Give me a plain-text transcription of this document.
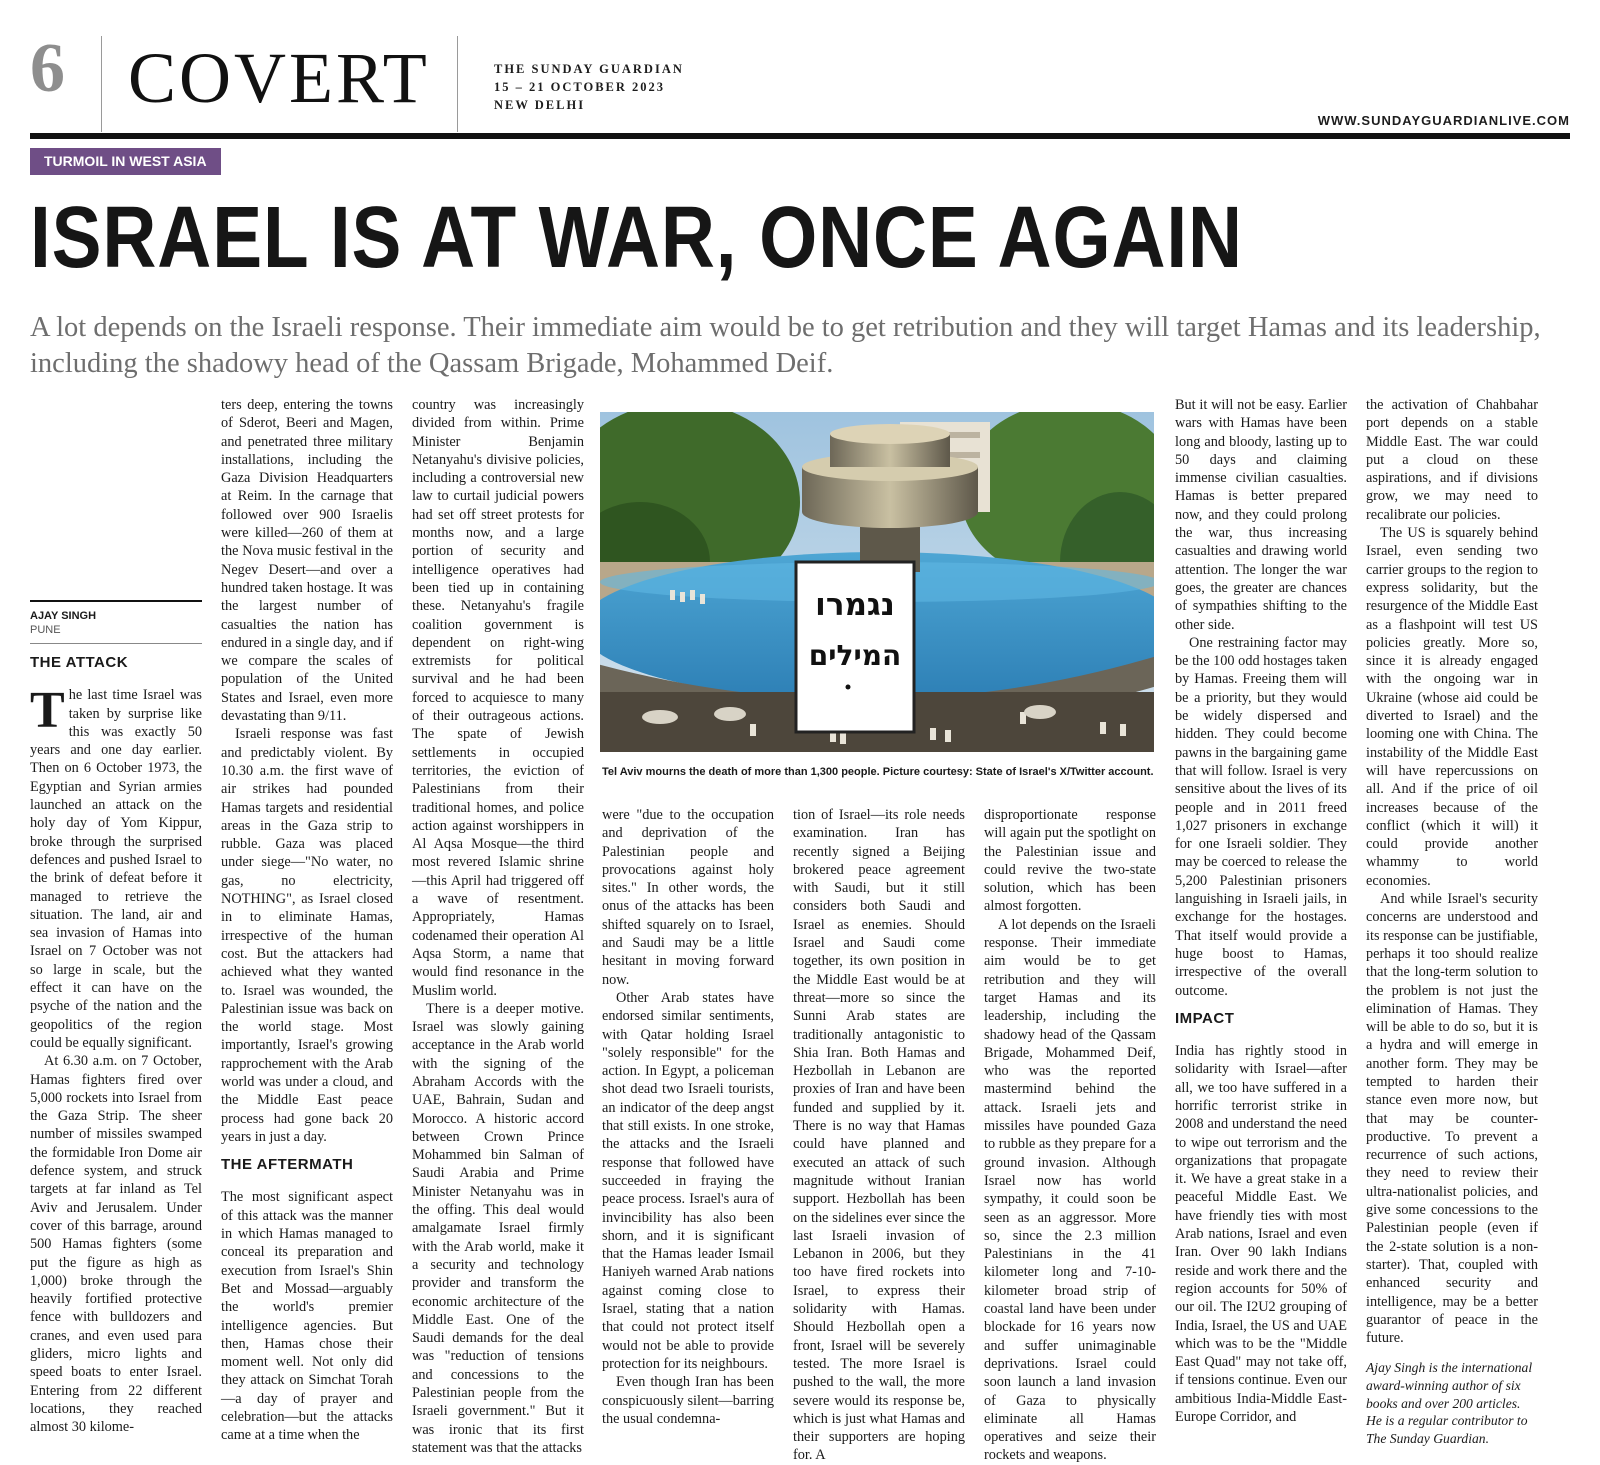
6 COVERT	THE SUNDAY GUARDIAN
15 – 21 OCTOBER 2023
NEW DELHI
WWW.SUNDAYGUARDIANLIVE.COM
TURMOIL IN WEST ASIA
ISRAEL IS AT WAR, ONCE AGAIN
A lot depends on the Israeli response. Their immediate aim would be to get retribution and they will target Hamas and its leadership, including the shadowy head of the Qassam Brigade, Mohammed Deif.
AJAY SINGH
PUNE
THE ATTACK

The last time Israel was taken by surprise like this was exactly 50 years and one day earlier. Then on 6 October 1973, the Egyptian and Syrian armies launched an attack on the holy day of Yom Kippur, broke through the surprised defences and pushed Israel to the brink of defeat before it managed to retrieve the situation. The land, air and sea invasion of Hamas into Israel on 7 October was not so large in scale, but the effect it can have on the psyche of the nation and the geopolitics of the region could be equally significant.

At 6.30 a.m. on 7 October, Hamas fighters fired over 5,000 rockets into Israel from the Gaza Strip. The sheer number of missiles swamped the formidable Iron Dome air defence system, and struck targets at far inland as Tel Aviv and Jerusalem. Under cover of this barrage, around 500 Hamas fighters (some put the figure as high as 1,000) broke through the heavily fortified protective fence with bulldozers and cranes, and even used para gliders, micro lights and speed boats to enter Israel. Entering from 22 different locations, they reached almost 30 kilome-

ters deep, entering the towns of Sderot, Beeri and Magen, and penetrated three military installations, including the Gaza Division Headquarters at Reim. In the carnage that followed over 900 Israelis were killed—260 of them at the Nova music festival in the Negev Desert—and over a hundred taken hostage. It was the largest number of casualties the nation has endured in a single day, and if we compare the scales of population of the United States and Israel, even more devastating than 9/11.

Israeli response was fast and predictably violent. By 10.30 a.m. the first wave of air strikes had pounded Hamas targets and residential areas in the Gaza strip to rubble. Gaza was placed under siege—"No water, no gas, no electricity, NOTHING", as Israel closed in to eliminate Hamas, irrespective of the human cost. But the attackers had achieved what they wanted to. Israel was wounded, the Palestinian issue was back on the world stage. Most importantly, Israel's growing rapprochement with the Arab world was under a cloud, and the Middle East peace process had gone back 20 years in just a day.

THE AFTERMATH

The most significant aspect of this attack was the manner in which Hamas managed to conceal its preparation and execution from Israel's Shin Bet and Mossad—arguably the world's premier intelligence agencies. But then, Hamas chose their moment well. Not only did they attack on Simchat Torah—a day of prayer and celebration—but the attacks came at a time when the

country was increasingly divided from within. Prime Minister Benjamin Netanyahu's divisive policies, including a controversial new law to curtail judicial powers had set off street protests for months now, and a large portion of security and intelligence operatives had been tied up in containing these. Netanyahu's fragile coalition government is dependent on right-wing extremists for political survival and he had been forced to acquiesce to many of their outrageous actions. The spate of Jewish settlements in occupied territories, the eviction of Palestinians from their traditional homes, and police action against worshippers in Al Aqsa Mosque—the third most revered Islamic shrine—this April had triggered off a wave of resentment. Appropriately, Hamas codenamed their operation Al Aqsa Storm, a name that would find resonance in the Muslim world.

There is a deeper motive. Israel was slowly gaining acceptance in the Arab world with the signing of the Abraham Accords with the UAE, Bahrain, Sudan and Morocco. A historic accord between Crown Prince Mohammed bin Salman of Saudi Arabia and Prime Minister Netanyahu was in the offing. This deal would amalgamate Israel firmly with the Arab world, make it a security and technology provider and transform the economic architecture of the Middle East. One of the Saudi demands for the deal was "reduction of tensions and concessions to the Palestinian people from the Israeli government." But it was ironic that its first statement was that the attacks

נגמרו
המילים
Tel Aviv mourns the death of more than 1,300 people. Picture courtesy: State of Israel's X/Twitter account.

were "due to the occupation and deprivation of the Palestinian people and provocations against holy sites." In other words, the onus of the attacks has been shifted squarely on to Israel, and Saudi may be a little hesitant in moving forward now.

Other Arab states have endorsed similar sentiments, with Qatar holding Israel "solely responsible" for the action. In Egypt, a policeman shot dead two Israeli tourists, an indicator of the deep angst that still exists. In one stroke, the attacks and the Israeli response that followed have succeeded in fraying the peace process. Israel's aura of invincibility has also been shorn, and it is significant that the Hamas leader Ismail Haniyeh warned Arab nations against coming close to Israel, stating that a nation that could not protect itself would not be able to provide protection for its neighbours.

Even though Iran has been conspicuously silent—barring the usual condemna-

tion of Israel—its role needs examination. Iran has recently signed a Beijing brokered peace agreement with Saudi, but it still considers both Saudi and Israel as enemies. Should Israel and Saudi come together, its own position in the Middle East would be at threat—more so since the Sunni Arab states are traditionally antagonistic to Shia Iran. Both Hamas and Hezbollah in Lebanon are proxies of Iran and have been funded and supplied by it. There is no way that Hamas could have planned and executed an attack of such magnitude without Iranian support. Hezbollah has been on the sidelines ever since the last Israeli invasion of Lebanon in 2006, but they too have fired rockets into Israel, to express their solidarity with Hamas. Should Hezbollah open a front, Israel will be severely tested. The more Israel is pushed to the wall, the more severe would its response be, which is just what Hamas and their supporters are hoping for. A

disproportionate response will again put the spotlight on the Palestinian issue and could revive the two-state solution, which has been almost forgotten.

A lot depends on the Israeli response. Their immediate aim would be to get retribution and they will target Hamas and its leadership, including the shadowy head of the Qassam Brigade, Mohammed Deif, who was the reported mastermind behind the attack. Israeli jets and missiles have pounded Gaza to rubble as they prepare for a ground invasion. Although Israel now has world sympathy, it could soon be seen as an aggressor. More so, since the 2.3 million Palestinians in the 41 kilometer long and 7-10-kilometer broad strip of coastal land have been under blockade for 16 years now and suffer unimaginable deprivations. Israel could soon launch a land invasion of Gaza to physically eliminate all Hamas operatives and seize their rockets and weapons.

But it will not be easy. Earlier wars with Hamas have been long and bloody, lasting up to 50 days and claiming immense civilian casualties. Hamas is better prepared now, and they could prolong the war, thus increasing casualties and drawing world attention. The longer the war goes, the greater are chances of sympathies shifting to the other side.

One restraining factor may be the 100 odd hostages taken by Hamas. Freeing them will be a priority, but they would be widely dispersed and hidden. They could become pawns in the bargaining game that will follow. Israel is very sensitive about the lives of its people and in 2011 freed 1,027 prisoners in exchange for one Israeli soldier. They may be coerced to release the 5,200 Palestinian prisoners languishing in Israeli jails, in exchange for the hostages. That itself would provide a huge boost to Hamas, irrespective of the overall outcome.

IMPACT

India has rightly stood in solidarity with Israel—after all, we too have suffered in a horrific terrorist strike in 2008 and understand the need to wipe out terrorism and the organizations that propagate it. We have a great stake in a peaceful Middle East. We have friendly ties with most Arab nations, Israel and even Iran. Over 90 lakh Indians reside and work there and the region accounts for 50% of our oil. The I2U2 grouping of India, Israel, the US and UAE which was to be the "Middle East Quad" may not take off, if tensions continue. Even our ambitious India-Middle East-Europe Corridor, and

the activation of Chahbahar port depends on a stable Middle East. The war could put a cloud on these aspirations, and if divisions grow, we may need to recalibrate our policies.

The US is squarely behind Israel, even sending two carrier groups to the region to express solidarity, but the resurgence of the Middle East as a flashpoint will test US policies greatly. More so, since it is already engaged with the ongoing war in Ukraine (whose aid could be diverted to Israel) and the looming one with China. The instability of the Middle East will have repercussions on all. And if the price of oil increases because of the conflict (which it will) it could provide another whammy to world economies.

And while Israel's security concerns are understood and its response can be justifiable, perhaps it too should realize that the long-term solution to the problem is not just the elimination of Hamas. They will be able to do so, but it is a hydra and will emerge in another form. They may be tempted to harden their stance even more now, but that may be counter-productive. To prevent a recurrence of such actions, they need to review their ultra-nationalist policies, and give some concessions to the Palestinian people (even if the 2-state solution is a non-starter). That, coupled with enhanced security and intelligence, may be a better guarantor of peace in the future.

Ajay Singh is the international award-winning author of six books and over 200 articles. He is a regular contributor to The Sunday Guardian.
